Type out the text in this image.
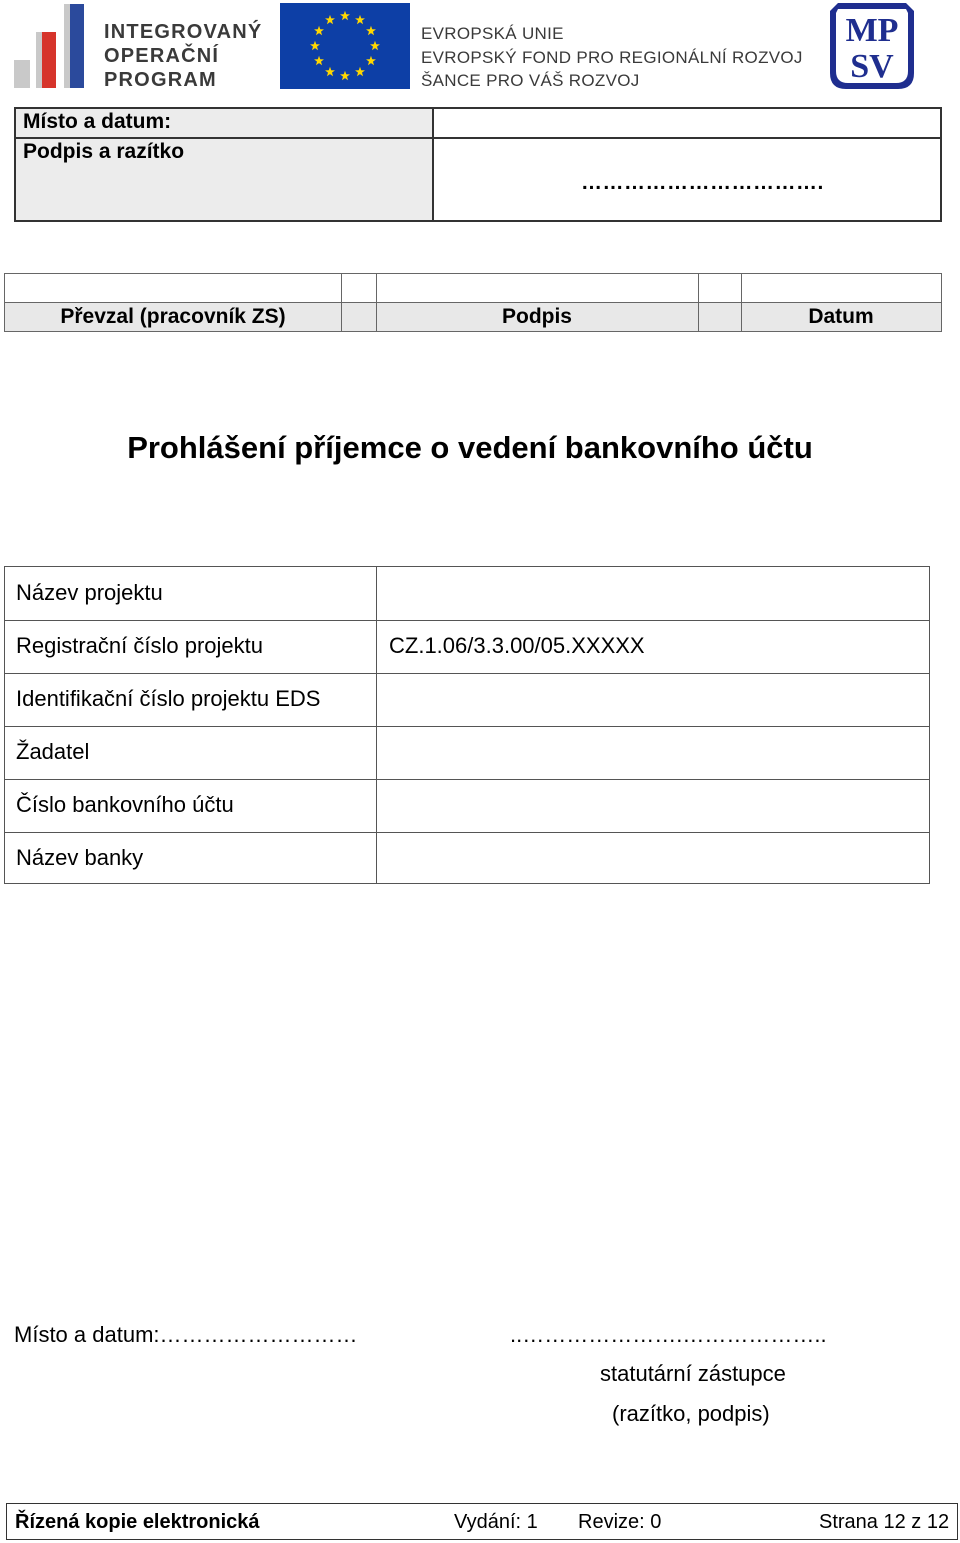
INTEGROVANÝ
OPERAČNÍ
PROGRAM
EVROPSKÁ UNIE
EVROPSKÝ FOND PRO REGIONÁLNÍ ROZVOJ
ŠANCE PRO VÁŠ ROZVOJ
MP
SV
Místo a datum:
Podpis a razítko
…………………………….
Převzal (pracovník ZS)	Podpis	Datum
Prohlášení příjemce o vedení bankovního účtu
Název projektu
Registrační číslo projektu	CZ.1.06/3.3.00/05.XXXXX
Identifikační číslo projektu EDS
Žadatel
Číslo bankovního účtu
Název banky
Místo a datum:………………………	..………………….………………..
statutární zástupce
(razítko, podpis)
Řízená kopie elektronická	Vydání: 1 Revize: 0	Strana 12 z 12
